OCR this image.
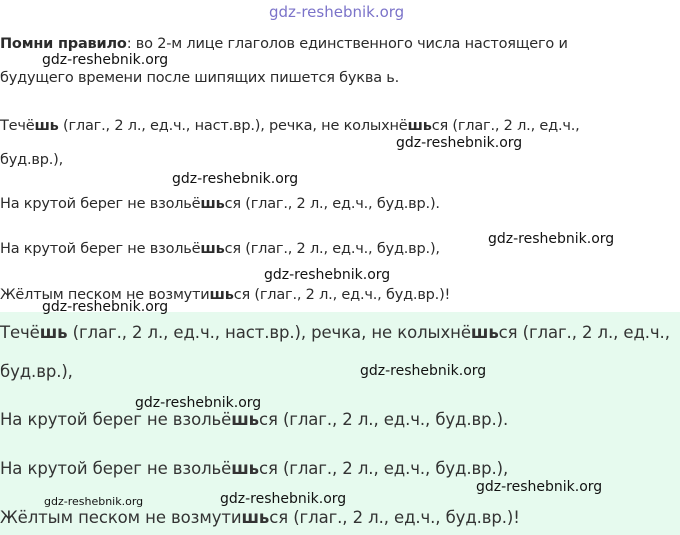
gdz-reshebnik.org
Помни правило: во 2-м лице глаголов единственного числа настоящего и
gdz-reshebnik.org
будущего времени после шипящих пишется буква ь.
Течёшь (глаг., 2 л., ед.ч., наст.вр.), речка, не колыхнёшься (глаг., 2 л., ед.ч.,
gdz-reshebnik.org
буд.вр.),
gdz-reshebnik.org
На крутой берег не взольёшься (глаг., 2 л., ед.ч., буд.вр.).
На крутой берег не взольёшься (глаг., 2 л., ед.ч., буд.вр.),
gdz-reshebnik.org
gdz-reshebnik.org
Жёлтым песком не возмутишься (глаг., 2 л., ед.ч., буд.вр.)!
gdz-reshebnik.org
Течёшь (глаг., 2 л., ед.ч., наст.вр.), речка, не колыхнёшься (глаг., 2 л., ед.ч.,
буд.вр.),	gdz-reshebnik.org
gdz-reshebnik.org
На крутой берег не взольёшься (глаг., 2 л., ед.ч., буд.вр.).
На крутой берег не взольёшься (глаг., 2 л., ед.ч., буд.вр.),
gdz-reshebnik.org
gdz-reshebnik.org	gdz-reshebnik.org
Жёлтым песком не возмутишься (глаг., 2 л., ед.ч., буд.вр.)!
